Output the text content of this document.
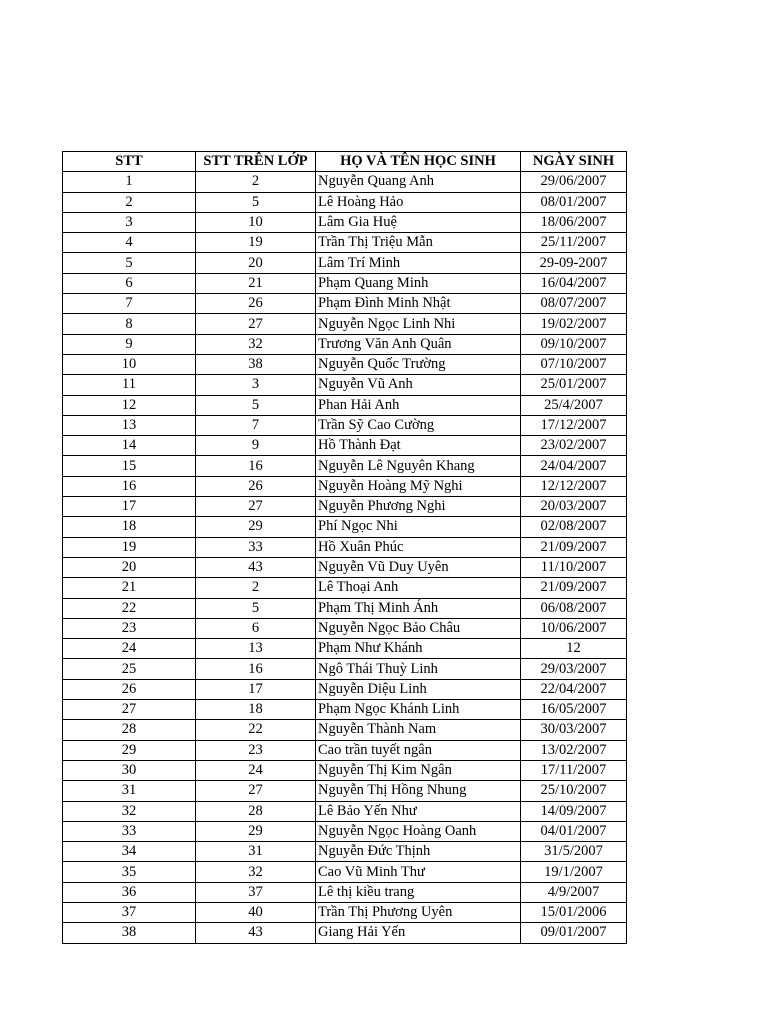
STT	STT TRÊN LỚP	HỌ VÀ TÊN HỌC SINH	NGÀY SINH
1	2	Nguyễn Quang Anh	29/06/2007
2	5	Lê Hoàng Hảo	08/01/2007
3	10	Lâm Gia Huệ	18/06/2007
4	19	Trần Thị Triệu Mẫn	25/11/2007
5	20	Lâm Trí Minh	29-09-2007
6	21	Phạm Quang Minh	16/04/2007
7	26	Phạm Đình Minh Nhật	08/07/2007
8	27	Nguyễn Ngọc Linh Nhi	19/02/2007
9	32	Trương Văn Anh Quân	09/10/2007
10	38	Nguyễn Quốc Trường	07/10/2007
11	3	Nguyễn Vũ Anh	25/01/2007
12	5	Phan Hải Anh	25/4/2007
13	7	Trần Sỹ Cao Cường	17/12/2007
14	9	Hồ Thành Đạt	23/02/2007
15	16	Nguyễn Lê Nguyên Khang	24/04/2007
16	26	Nguyễn Hoàng Mỹ Nghi	12/12/2007
17	27	Nguyễn Phương Nghi	20/03/2007
18	29	Phí Ngọc Nhi	02/08/2007
19	33	Hồ Xuân Phúc	21/09/2007
20	43	Nguyễn Vũ Duy Uyên	11/10/2007
21	2	Lê Thoại Anh	21/09/2007
22	5	Phạm Thị Minh Ánh	06/08/2007
23	6	Nguyễn Ngọc Bảo Châu	10/06/2007
24	13	Phạm Như Khánh	12
25	16	Ngô Thái Thuỳ Linh	29/03/2007
26	17	Nguyễn Diệu Linh	22/04/2007
27	18	Phạm Ngọc Khánh Linh	16/05/2007
28	22	Nguyễn Thành Nam	30/03/2007
29	23	Cao trần tuyết ngân	13/02/2007
30	24	Nguyễn Thị Kim Ngân	17/11/2007
31	27	Nguyễn Thị Hồng Nhung	25/10/2007
32	28	Lê Bảo Yến Như	14/09/2007
33	29	Nguyễn Ngọc Hoàng Oanh	04/01/2007
34	31	Nguyễn Đức Thịnh	31/5/2007
35	32	Cao Vũ Minh Thư	19/1/2007
36	37	Lê thị kiều trang	4/9/2007
37	40	Trần Thị Phương Uyên	15/01/2006
38	43	Giang Hải Yến	09/01/2007
